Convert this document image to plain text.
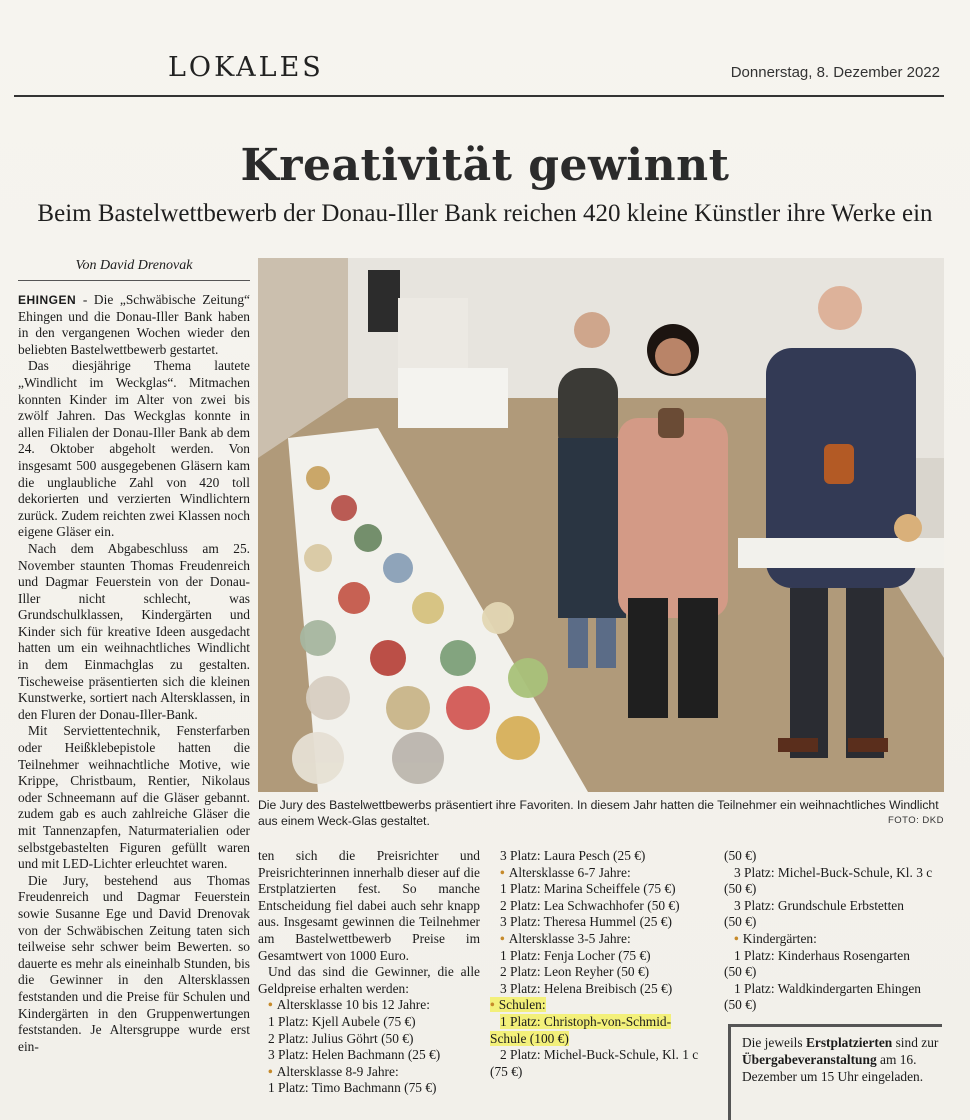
LOKALES	Donnerstag, 8. Dezember 2022
Kreativität gewinnt
Beim Bastelwettbewerb der Donau-Iller Bank reichen 420 kleine Künstler ihre Werke ein
Von David Drenovak

EHINGEN - Die „Schwäbische Zeitung“ Ehingen und die Donau-Iller Bank haben in den vergangenen Wochen wieder den beliebten Bastelwettbewerb gestartet.

Das diesjährige Thema lautete „Windlicht im Weckglas“. Mitmachen konnten Kinder im Alter von zwei bis zwölf Jahren. Das Weckglas konnte in allen Filialen der Donau-Iller Bank ab dem 24. Oktober abgeholt werden. Von insgesamt 500 ausgegebenen Gläsern kam die unglaubliche Zahl von 420 toll dekorierten und verzierten Windlichtern zurück. Zudem reichten zwei Klassen noch eigene Gläser ein.

Nach dem Abgabeschluss am 25. November staunten Thomas Freudenreich und Dagmar Feuerstein von der Donau-Iller nicht schlecht, was Grundschulklassen, Kindergärten und Kinder sich für kreative Ideen ausgedacht hatten um ein weihnachtliches Windlicht in dem Einmachglas zu gestalten. Tischeweise präsentierten sich die kleinen Kunstwerke, sortiert nach Altersklassen, in den Fluren der Donau-Iller-Bank.

Mit Serviettentechnik, Fensterfarben oder Heißklebepistole hatten die Teilnehmer weihnachtliche Motive, wie Krippe, Christbaum, Rentier, Nikolaus oder Schneemann auf die Gläser gebannt. zudem gab es auch zahlreiche Gläser die mit Tannenzapfen, Naturmaterialien oder selbstgebastelten Figuren gefüllt waren und mit LED-Lichter erleuchtet waren.

Die Jury, bestehend aus Thomas Freudenreich und Dagmar Feuerstein sowie Susanne Ege und David Drenovak von der Schwäbischen Zeitung taten sich teilweise sehr schwer beim Bewerten. so dauerte es mehr als eineinhalb Stunden, bis die Gewinner in den Altersklassen feststanden und die Preise für Schulen und Kindergärten in den Gruppenwertungen feststanden. Je Altersgruppe wurde erst ein-

Die Jury des Bastelwettbewerbs präsentiert ihre Favoriten. In diesem Jahr hatten die Teilnehmer ein weihnachtliches Windlicht aus einem Weck-Glas gestaltet.	FOTO: DKD

ten sich die Preisrichter und Preisrichterinnen innerhalb dieser auf die Erstplatzierten fest. So manche Entscheidung fiel dabei auch sehr knapp aus. Insgesamt gewinnen die Teilnehmer am Bastelwettbewerb Preise im Gesamtwert von 1000 Euro.

Und das sind die Gewinner, die alle Geldpreise erhalten werden:

• Altersklasse 10 bis 12 Jahre:
1 Platz: Kjell Aubele (75 €)
2 Platz: Julius Göhrt (50 €)
3 Platz: Helen Bachmann (25 €)
• Altersklasse 8-9 Jahre:
1 Platz: Timo Bachmann (75 €)
3 Platz: Laura Pesch (25 €)
• Altersklasse 6-7 Jahre:
1 Platz: Marina Scheiffele (75 €)
2 Platz: Lea Schwachhofer (50 €)
3 Platz: Theresa Hummel (25 €)
• Altersklasse 3-5 Jahre:
1 Platz: Fenja Locher (75 €)
2 Platz: Leon Reyher (50 €)
3 Platz: Helena Breibisch (25 €)
• Schulen:
1 Platz: Christoph-von-Schmid-
Schule (100 €)
2 Platz: Michel-Buck-Schule, Kl. 1 c
(75 €)
(50 €)
3 Platz: Michel-Buck-Schule, Kl. 3 c
(50 €)
3 Platz: Grundschule Erbstetten
(50 €)
• Kindergärten:
1 Platz: Kinderhaus Rosengarten
(50 €)
1 Platz: Waldkindergarten Ehingen
(50 €)
Die jeweils Erstplatzierten sind zur Übergabeveranstaltung am 16. Dezember um 15 Uhr eingeladen.
